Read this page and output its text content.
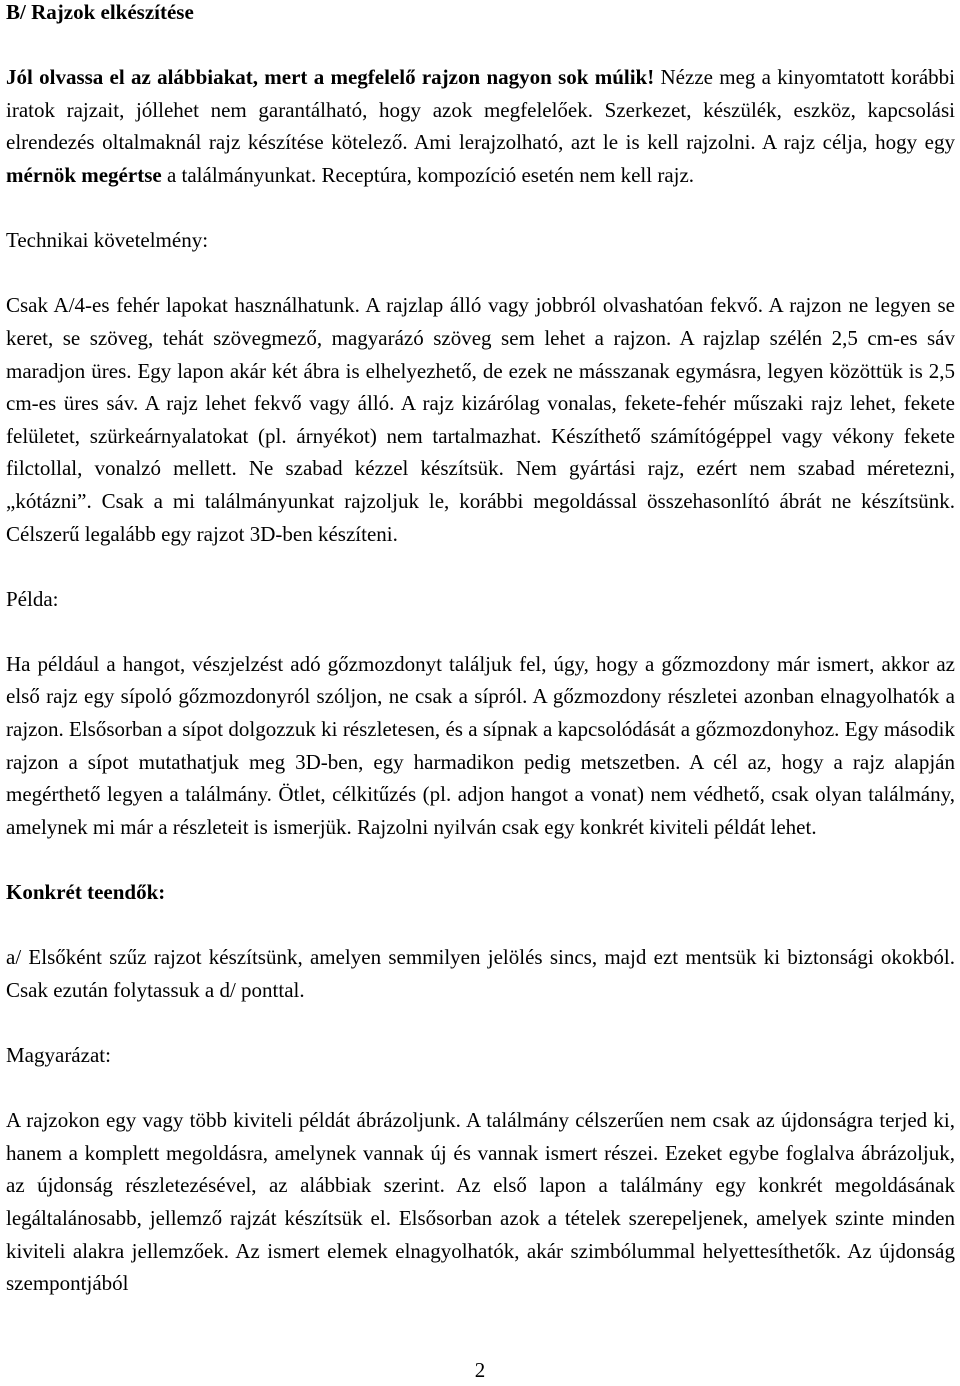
B/ Rajzok elkészítése

Jól olvassa el az alábbiakat, mert a megfelelő rajzon nagyon sok múlik! Nézze meg a kinyomtatott korábbi iratok rajzait, jóllehet nem garantálható, hogy azok megfelelőek. Szerkezet, készülék, eszköz, kapcsolási elrendezés oltalmaknál rajz készítése kötelező. Ami lerajzolható, azt le is kell rajzolni. A rajz célja, hogy egy mérnök megértse a találmányunkat. Receptúra, kompozíció esetén nem kell rajz.

Technikai követelmény:

Csak A/4-es fehér lapokat használhatunk. A rajzlap álló vagy jobbról olvashatóan fekvő. A rajzon ne legyen se keret, se szöveg, tehát szövegmező, magyarázó szöveg sem lehet a rajzon. A rajzlap szélén 2,5 cm-es sáv maradjon üres. Egy lapon akár két ábra is elhelyezhető, de ezek ne másszanak egymásra, legyen közöttük is 2,5 cm-es üres sáv. A rajz lehet fekvő vagy álló. A rajz kizárólag vonalas, fekete-fehér műszaki rajz lehet, fekete felületet, szürkeárnyalatokat (pl. árnyékot) nem tartalmazhat. Készíthető számítógéppel vagy vékony fekete filctollal, vonalzó mellett. Ne szabad kézzel készítsük. Nem gyártási rajz, ezért nem szabad méretezni, „kótázni”. Csak a mi találmányunkat rajzoljuk le, korábbi megoldással összehasonlító ábrát ne készítsünk. Célszerű legalább egy rajzot 3D-ben készíteni.

Példa:

Ha például a hangot, vészjelzést adó gőzmozdonyt találjuk fel, úgy, hogy a gőzmozdony már ismert, akkor az első rajz egy sípoló gőzmozdonyról szóljon, ne csak a sípról. A gőzmozdony részletei azonban elnagyolhatók a rajzon. Elsősorban a sípot dolgozzuk ki részletesen, és a sípnak a kapcsolódását a gőzmozdonyhoz. Egy második rajzon a sípot mutathatjuk meg 3D-ben, egy harmadikon pedig metszetben. A cél az, hogy a rajz alapján megérthető legyen a találmány. Ötlet, célkitűzés (pl. adjon hangot a vonat) nem védhető, csak olyan találmány, amelynek mi már a részleteit is ismerjük. Rajzolni nyilván csak egy konkrét kiviteli példát lehet.

Konkrét teendők:

a/ Elsőként szűz rajzot készítsünk, amelyen semmilyen jelölés sincs, majd ezt mentsük ki biztonsági okokból. Csak ezután folytassuk a d/ ponttal.

Magyarázat:

A rajzokon egy vagy több kiviteli példát ábrázoljunk. A találmány célszerűen nem csak az újdonságra terjed ki, hanem a komplett megoldásra, amelynek vannak új és vannak ismert részei. Ezeket egybe foglalva ábrázoljuk, az újdonság részletezésével, az alábbiak szerint. Az első lapon a találmány egy konkrét megoldásának legáltalánosabb, jellemző rajzát készítsük el. Elsősorban azok a tételek szerepeljenek, amelyek szinte minden kiviteli alakra jellemzőek. Az ismert elemek elnagyolhatók, akár szimbólummal helyettesíthetők. Az újdonság szempontjából

2
